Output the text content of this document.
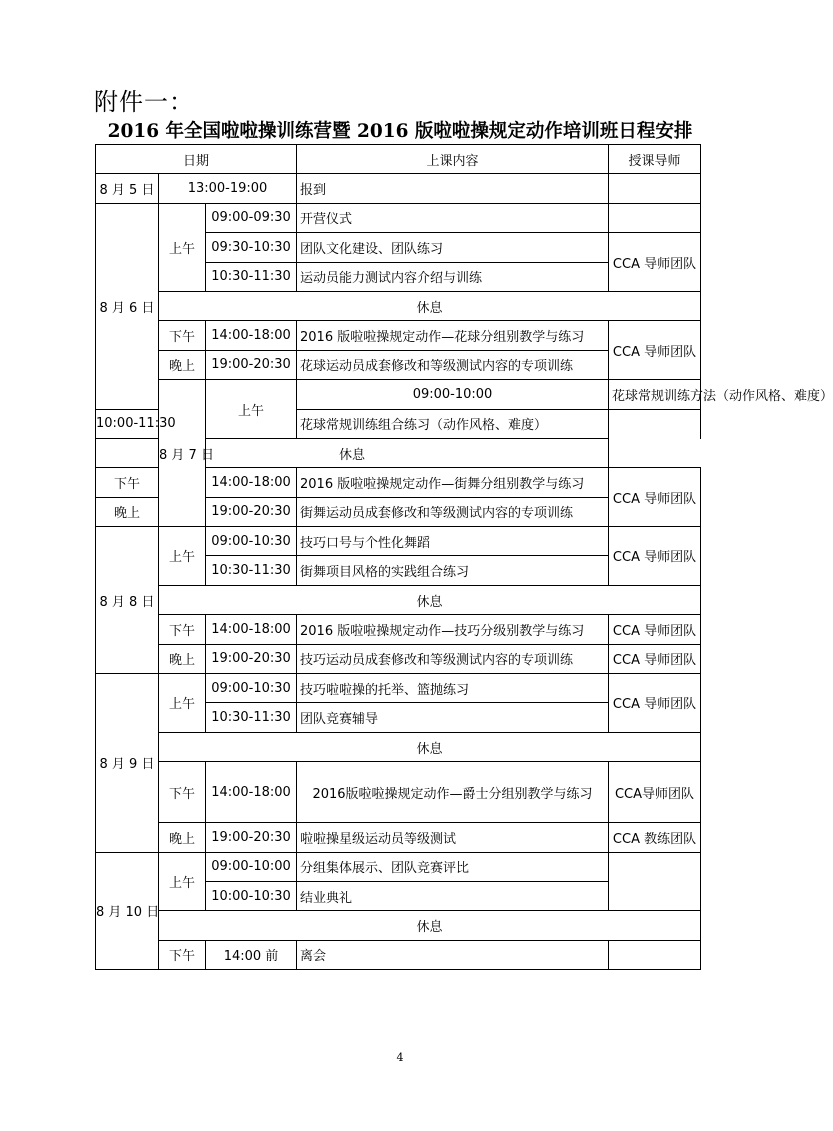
附件一：
2016 年全国啦啦操训练营暨 2016 版啦啦操规定动作培训班日程安排
日期			上课内容	授课导师	
8 月 5 日	13:00-19:00		报到		
8 月 6 日	上午	09:00-09:30	开营仪式		
		09:30-10:30	团队文化建设、团队练习	CCA 导师团队	
		10:30-11:30	运动员能力测试内容介绍与训练		
	休息				
	下午	14:00-18:00	2016 版啦啦操规定动作—花球分组别教学与练习	CCA 导师团队	
	晚上	19:00-20:30	花球运动员成套修改和等级测试内容的专项训练		
	8 月 7 日	上午	09:00-10:00	花球常规训练方法（动作风格、难度）	
10:00-11:30			花球常规训练组合练习（动作风格、难度）		
休息					
下午		14:00-18:00	2016 版啦啦操规定动作—街舞分组别教学与练习	CCA 导师团队	
晚上		19:00-20:30	街舞运动员成套修改和等级测试内容的专项训练		
8 月 8 日	上午	09:00-10:30	技巧口号与个性化舞蹈	CCA 导师团队	
		10:30-11:30	街舞项目风格的实践组合练习		
	休息				
	下午	14:00-18:00	2016 版啦啦操规定动作—技巧分级别教学与练习	CCA 导师团队	
	晚上	19:00-20:30	技巧运动员成套修改和等级测试内容的专项训练	CCA 导师团队	
8 月 9 日	上午	09:00-10:30	技巧啦啦操的托举、篮抛练习	CCA 导师团队	
		10:30-11:30	团队竞赛辅导		
	休息				
	下午	14:00-18:00	2016版啦啦操规定动作—爵士分组别教学与练习	CCA导师团队	
	晚上	19:00-20:30	啦啦操星级运动员等级测试	CCA 教练团队	
8 月 10 日	上午	09:00-10:00	分组集体展示、团队竞赛评比		
		10:00-10:30	结业典礼		
	休息				
	下午	14:00 前	离会		
4
